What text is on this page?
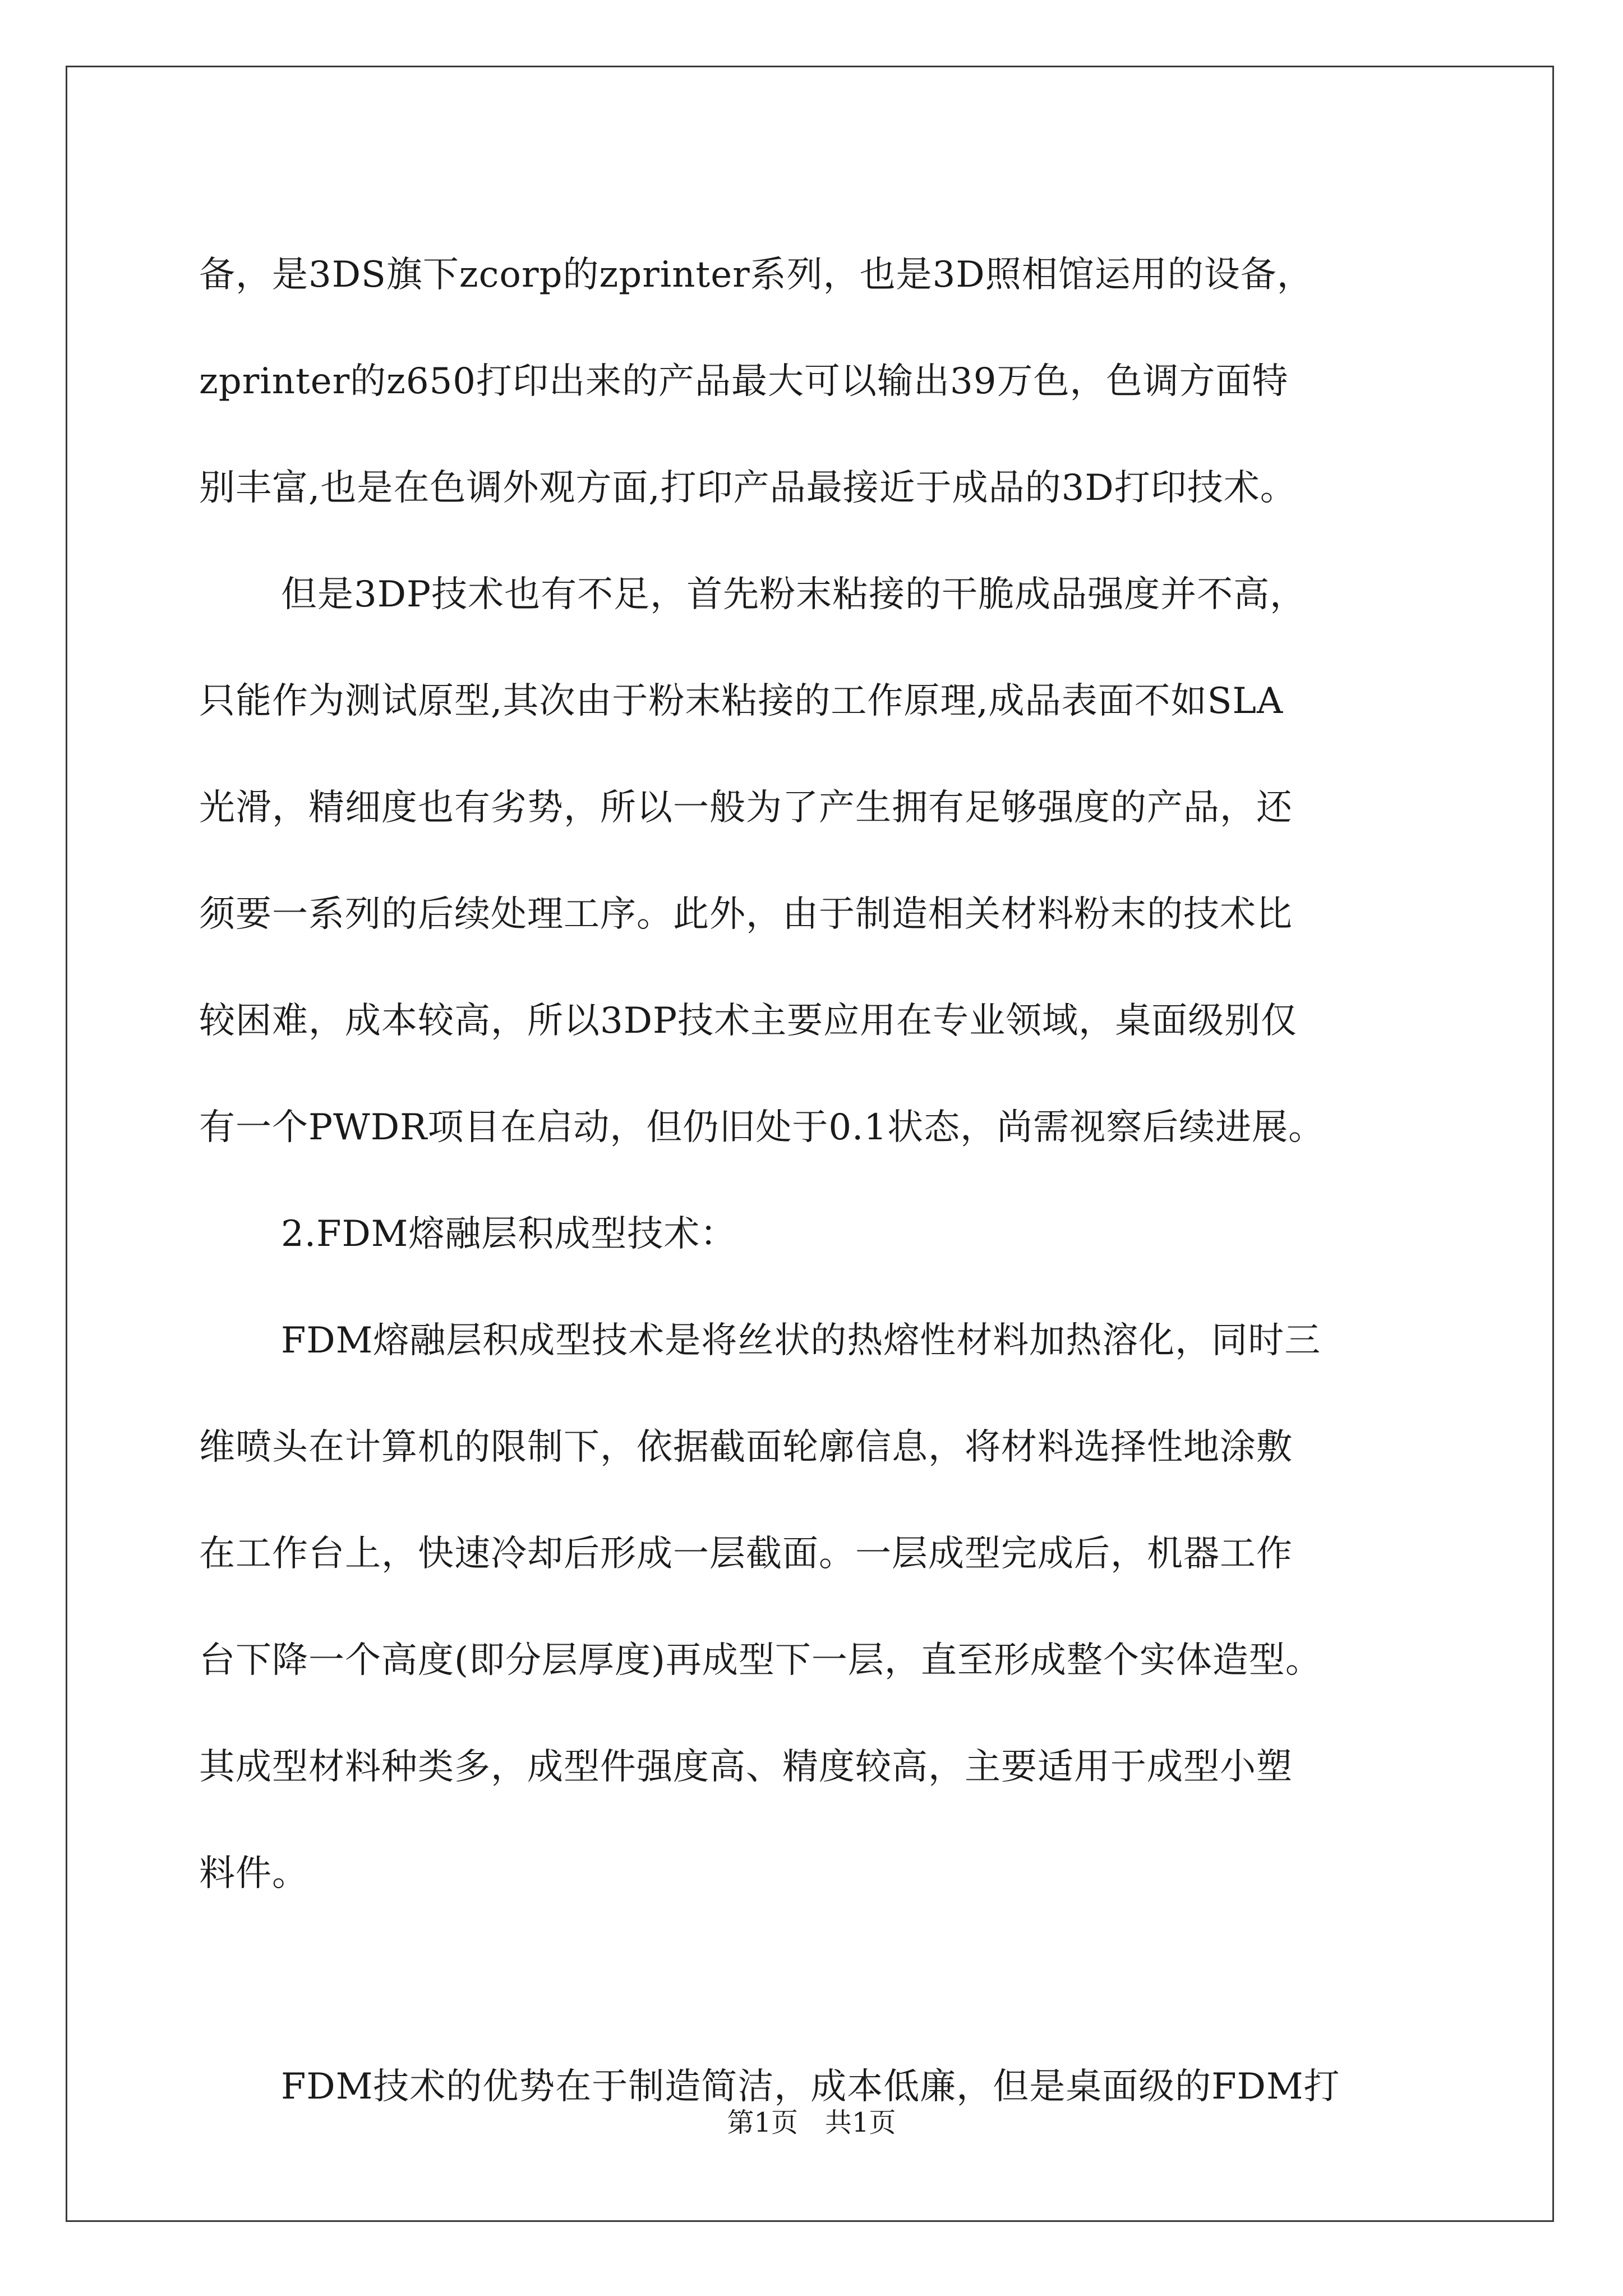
备，是3DS旗下zcorp的zprinter系列，也是3D照相馆运用的设备，
zprinter的z650打印出来的产品最大可以输出39万色，色调方面特
别丰富,也是在色调外观方面,打印产品最接近于成品的3D打印技术。
但是3DP技术也有不足，首先粉末粘接的干脆成品强度并不高，
只能作为测试原型,其次由于粉末粘接的工作原理,成品表面不如SLA
光滑，精细度也有劣势，所以一般为了产生拥有足够强度的产品，还
须要一系列的后续处理工序。此外，由于制造相关材料粉末的技术比
较困难，成本较高，所以3DP技术主要应用在专业领域，桌面级别仅
有一个PWDR项目在启动，但仍旧处于0.1状态，尚需视察后续进展。
2.FDM熔融层积成型技术：
FDM熔融层积成型技术是将丝状的热熔性材料加热溶化，同时三
维喷头在计算机的限制下，依据截面轮廓信息，将材料选择性地涂敷
在工作台上，快速冷却后形成一层截面。一层成型完成后，机器工作
台下降一个高度(即分层厚度)再成型下一层，直至形成整个实体造型。
其成型材料种类多，成型件强度高、精度较高，主要适用于成型小塑
料件。
FDM技术的优势在于制造简洁，成本低廉，但是桌面级的FDM打
第1页　共1页
